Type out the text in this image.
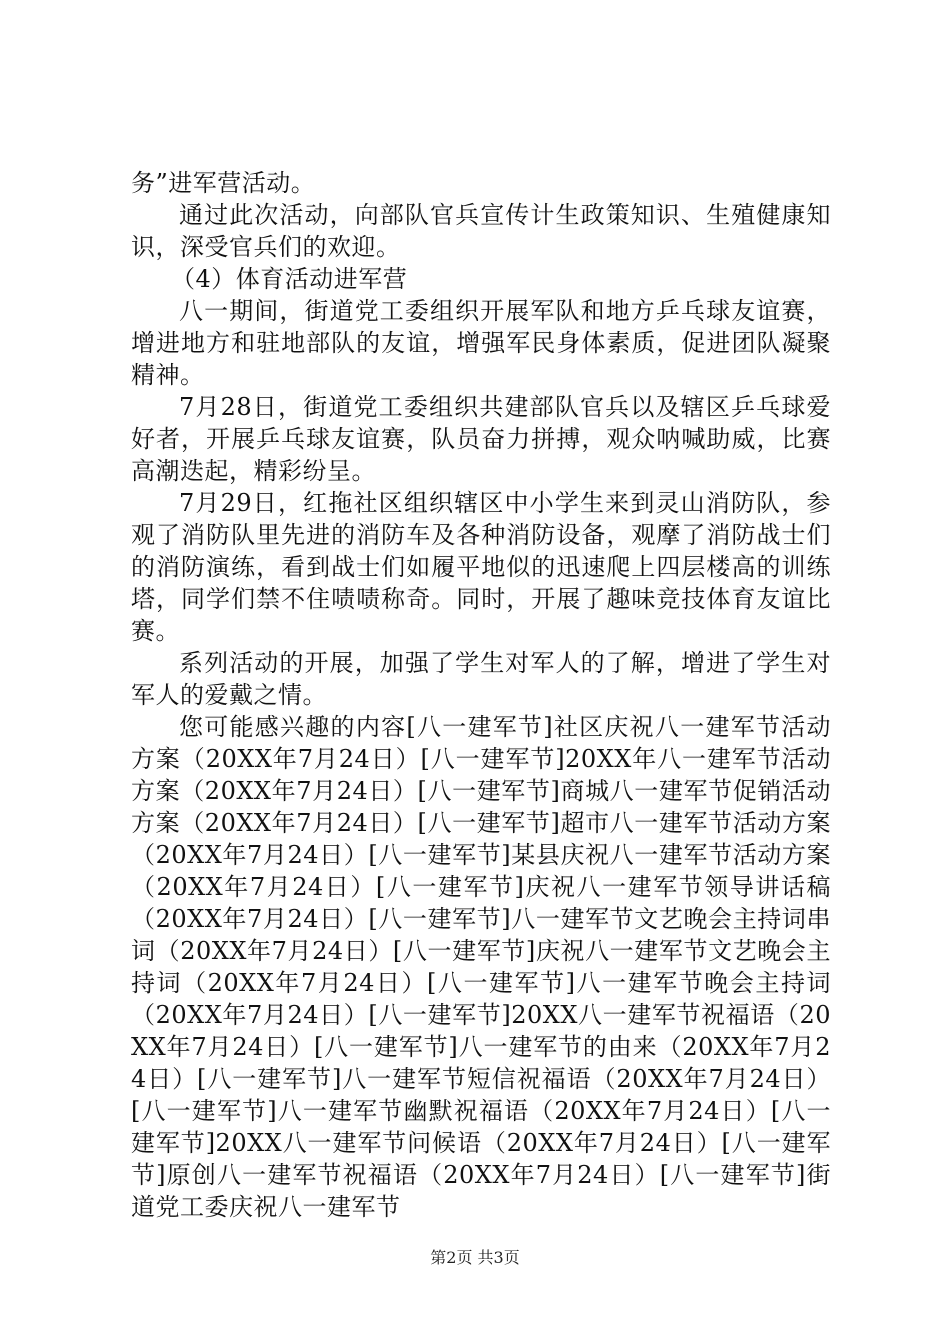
务”进军营活动。

通过此次活动，向部队官兵宣传计生政策知识、生殖健康知识，深受官兵们的欢迎。

（4）体育活动进军营

八一期间，街道党工委组织开展军队和地方乒乓球友谊赛，增进地方和驻地部队的友谊，增强军民身体素质，促进团队凝聚精神。

7月28日，街道党工委组织共建部队官兵以及辖区乒乓球爱好者，开展乒乓球友谊赛，队员奋力拼搏，观众呐喊助威，比赛高潮迭起，精彩纷呈。

7月29日，红拖社区组织辖区中小学生来到灵山消防队，参观了消防队里先进的消防车及各种消防设备，观摩了消防战士们的消防演练，看到战士们如履平地似的迅速爬上四层楼高的训练塔，同学们禁不住啧啧称奇。同时，开展了趣味竞技体育友谊比赛。

系列活动的开展，加强了学生对军人的了解，增进了学生对军人的爱戴之情。

您可能感兴趣的内容[八一建军节]社区庆祝八一建军节活动方案（20XX年7月24日）[八一建军节]20XX年八一建军节活动方案（20XX年7月24日）[八一建军节]商城八一建军节促销活动方案（20XX年7月24日）[八一建军节]超市八一建军节活动方案（20XX年7月24日）[八一建军节]某县庆祝八一建军节活动方案（20XX年7月24日）[八一建军节]庆祝八一建军节领导讲话稿（20XX年7月24日）[八一建军节]八一建军节文艺晚会主持词串词（20XX年7月24日）[八一建军节]庆祝八一建军节文艺晚会主持词（20XX年7月24日）[八一建军节]八一建军节晚会主持词（20XX年7月24日）[八一建军节]20XX八一建军节祝福语（20XX年7月24日）[八一建军节]八一建军节的由来（20XX年7月24日）[八一建军节]八一建军节短信祝福语（20XX年7月24日）[八一建军节]八一建军节幽默祝福语（20XX年7月24日）[八一建军节]20XX八一建军节问候语（20XX年7月24日）[八一建军节]原创八一建军节祝福语（20XX年7月24日）[八一建军节]街道党工委庆祝八一建军节

第2页 共3页
